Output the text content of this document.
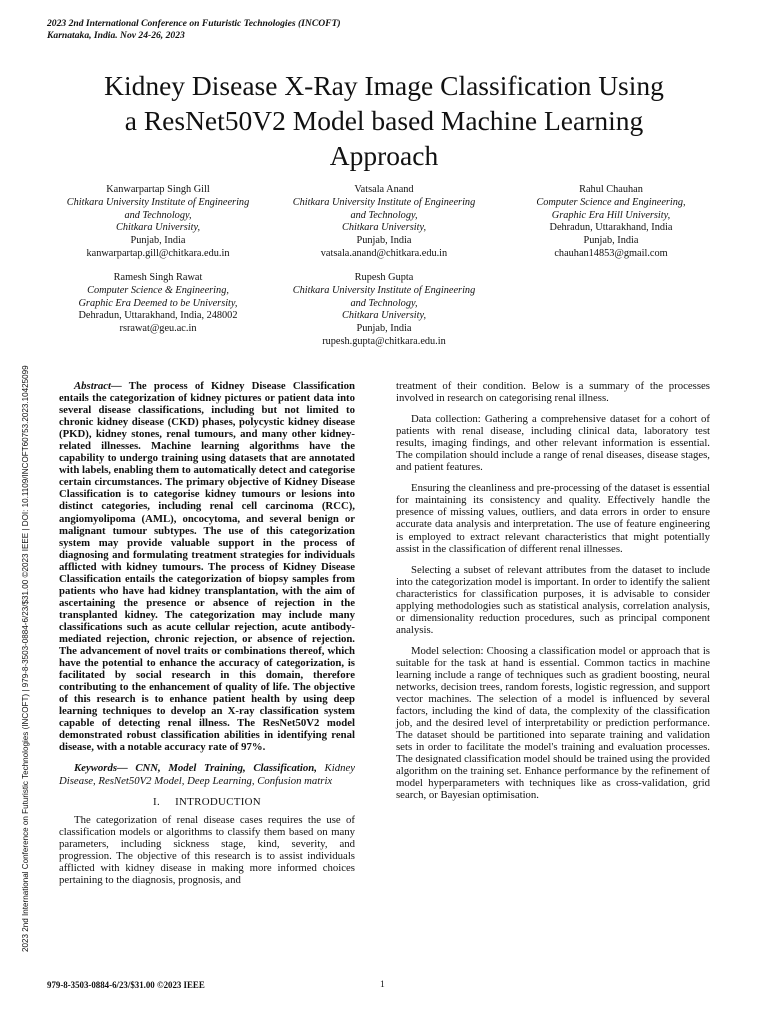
2023 2nd International Conference on Futuristic Technologies (INCOFT)
Karnataka, India. Nov 24-26, 2023
Kidney Disease X-Ray Image Classification Using
a ResNet50V2 Model based Machine Learning
Approach
Kanwarpartap Singh Gill
Chitkara University Institute of Engineering
and Technology,
Chitkara University,
Punjab, India
kanwarpartap.gill@chitkara.edu.in
Vatsala Anand
Chitkara University Institute of Engineering
and Technology,
Chitkara University,
Punjab, India
vatsala.anand@chitkara.edu.in
Rahul Chauhan
Computer Science and Engineering,
Graphic Era Hill University,
Dehradun, Uttarakhand, India
Punjab, India
chauhan14853@gmail.com
Ramesh Singh Rawat
Computer Science & Engineering,
Graphic Era Deemed to be University,
Dehradun, Uttarakhand, India, 248002
rsrawat@geu.ac.in
Rupesh Gupta
Chitkara University Institute of Engineering
and Technology,
Chitkara University,
Punjab, India
rupesh.gupta@chitkara.edu.in
2023 2nd International Conference on Futuristic Technologies (INCOFT) | 979-8-3503-0884-6/23/$31.00 ©2023 IEEE | DOI: 10.1109/INCOFT60753.2023.10425099	Abstract— The process of Kidney Disease Classification entails the categorization of kidney pictures or patient data into several disease classifications, including but not limited to chronic kidney disease (CKD) phases, polycystic kidney disease (PKD), kidney stones, renal tumours, and many other kidney-related illnesses. Machine learning algorithms have the capability to undergo training using datasets that are annotated with labels, enabling them to automatically detect and categorise certain circumstances. The primary objective of Kidney Disease Classification is to categorise kidney tumours or lesions into distinct categories, including renal cell carcinoma (RCC), angiomyolipoma (AML), oncocytoma, and several benign or malignant tumour subtypes. The use of this categorization system may provide valuable support in the process of diagnosing and formulating treatment strategies for individuals afflicted with kidney tumours. The process of Kidney Disease Classification entails the categorization of biopsy samples from patients who have had kidney transplantation, with the aim of ascertaining the presence or absence of rejection in the transplanted kidney. The categorization may include many classifications such as acute cellular rejection, acute antibody-mediated rejection, chronic rejection, or absence of rejection. The advancement of novel traits or combinations thereof, which have the potential to enhance the accuracy of categorization, is facilitated by social research in this domain, therefore contributing to the enhancement of quality of life. The objective of this research is to enhance patient health by using deep learning techniques to develop an X-ray classification system capable of detecting renal illness. The ResNet50V2 model demonstrated robust classification abilities in identifying renal disease, with a notable accuracy rate of 97%.

Keywords— CNN, Model Training, Classification, Kidney Disease, ResNet50V2 Model, Deep Learning, Confusion matrix

I. INTRODUCTION

The categorization of renal disease cases requires the use of classification models or algorithms to classify them based on many parameters, including sickness stage, kind, severity, and progression. The objective of this research is to assist individuals afflicted with kidney disease in making more informed choices pertaining to the diagnosis, prognosis, and

treatment of their condition. Below is a summary of the processes involved in research on categorising renal illness.

Data collection: Gathering a comprehensive dataset for a cohort of patients with renal disease, including clinical data, laboratory test results, imaging findings, and other relevant information is essential. The compilation should include a range of renal diseases, disease stages, and patient features.

Ensuring the cleanliness and pre-processing of the dataset is essential for maintaining its consistency and quality. Effectively handle the presence of missing values, outliers, and data errors in order to ensure accurate data analysis and interpretation. The use of feature engineering is employed to extract relevant characteristics that might potentially assist in the classification of different renal illnesses.

Selecting a subset of relevant attributes from the dataset to include into the categorization model is important. In order to identify the salient characteristics for classification purposes, it is advisable to consider applying methodologies such as statistical analysis, correlation analysis, or dimensionality reduction procedures, such as principal component analysis.

Model selection: Choosing a classification model or approach that is suitable for the task at hand is essential. Common tactics in machine learning include a range of techniques such as gradient boosting, neural networks, decision trees, random forests, logistic regression, and support vector machines. The selection of a model is influenced by several factors, including the kind of data, the complexity of the classification job, and the desired level of interpretability or prediction performance. The dataset should be partitioned into separate training and validation sets in order to facilitate the model's training and evaluation processes. The designated classification model should be trained using the provided algorithm on the training set. Enhance performance by the refinement of model hyperparameters with techniques like as cross-validation, grid search, or Bayesian optimisation.

979-8-3503-0884-6/23/$31.00 ©2023 IEEE	1
